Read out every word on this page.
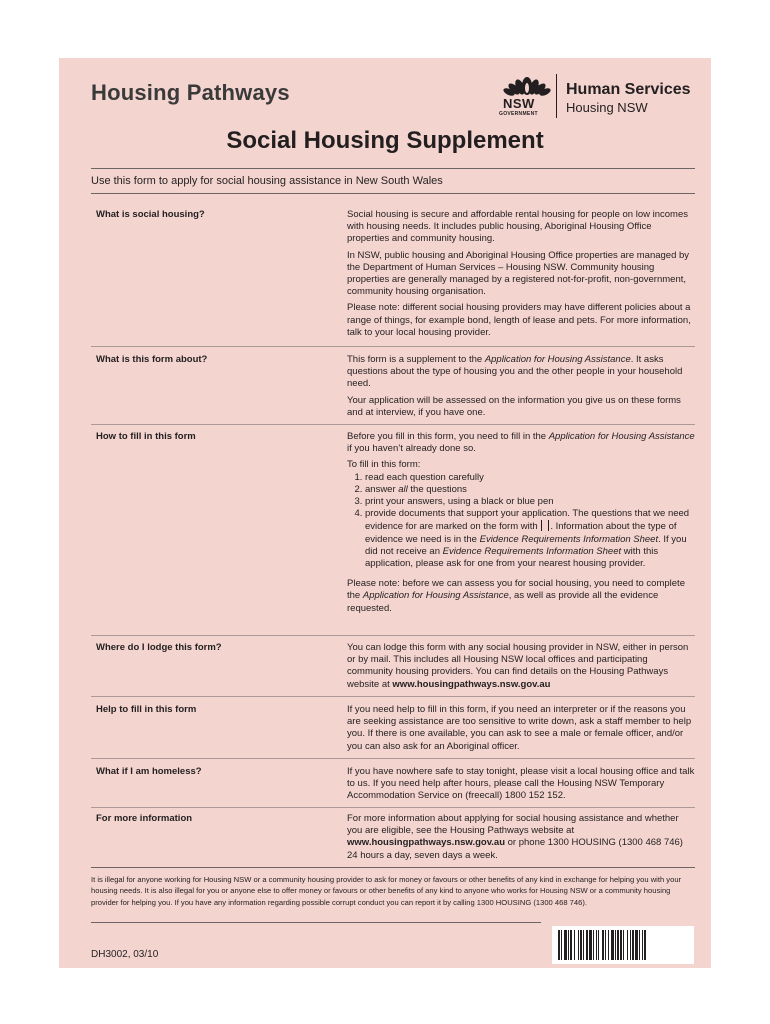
Housing Pathways	NSW
GOVERNMENT
Human Services
Housing NSW
Social Housing Supplement
Use this form to apply for social housing assistance in New South Wales
What is social housing?	Social housing is secure and affordable rental housing for people on low incomes with housing needs. It includes public housing, Aboriginal Housing Office properties and community housing.

In NSW, public housing and Aboriginal Housing Office properties are managed by the Department of Human Services – Housing NSW. Community housing properties are generally managed by a registered not-for-profit, non-government, community housing organisation.

Please note: different social housing providers may have different policies about a range of things, for example bond, length of lease and pets. For more information, talk to your local housing provider.

What is this form about?	This form is a supplement to the Application for Housing Assistance. It asks questions about the type of housing you and the other people in your household need.

Your application will be assessed on the information you give us on these forms and at interview, if you have one.

How to fill in this form	Before you fill in this form, you need to fill in the Application for Housing Assistance if you haven’t already done so.

To fill in this form:

1. read each question carefully
2. answer all the questions
3. print your answers, using a black or blue pen
4. provide documents that support your application. The questions that we need evidence for are marked on the form with . Information about the type of evidence we need is in the Evidence Requirements Information Sheet. If you did not receive an Evidence Requirements Information Sheet with this application, please ask for one from your nearest housing provider.

Please note: before we can assess you for social housing, you need to complete the Application for Housing Assistance, as well as provide all the evidence requested.

Where do I lodge this form?	You can lodge this form with any social housing provider in NSW, either in person or by mail. This includes all Housing NSW local offices and participating community housing providers. You can find details on the Housing Pathways website at www.housingpathways.nsw.gov.au

Help to fill in this form	If you need help to fill in this form, if you need an interpreter or if the reasons you are seeking assistance are too sensitive to write down, ask a staff member to help you. If there is one available, you can ask to see a male or female officer, and/or you can also ask for an Aboriginal officer.

What if I am homeless?	If you have nowhere safe to stay tonight, please visit a local housing office and talk to us. If you need help after hours, please call the Housing NSW Temporary Accommodation Service on (freecall) 1800 152 152.

For more information	For more information about applying for social housing assistance and whether you are eligible, see the Housing Pathways website at www.housingpathways.nsw.gov.au or phone 1300 HOUSING (1300 468 746) 24 hours a day, seven days a week.

It is illegal for anyone working for Housing NSW or a community housing provider to ask for money or favours or other benefits of any kind in exchange for helping you with your housing needs. It is also illegal for you or anyone else to offer money or favours or other benefits of any kind to anyone who works for Housing NSW or a community housing provider for helping you. If you have any information regarding possible corrupt conduct you can report it by calling 1300 HOUSING (1300 468 746).
DH3002, 03/10
